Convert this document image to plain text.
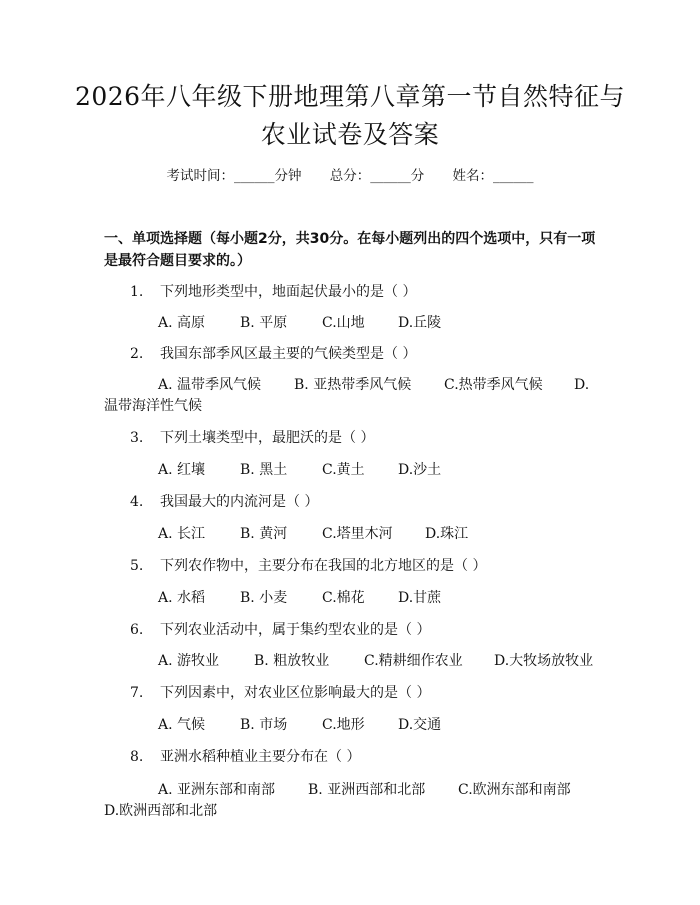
2026年八年级下册地理第八章第一节自然特征与农业试卷及答案
考试时间：______分钟 总分：______分 姓名：______
一、单项选择题（每小题2分，共30分。在每小题列出的四个选项中，只有一项是最符合题目要求的。）
1. 下列地形类型中，地面起伏最小的是（ ）
A. 高原 B. 平原 C.山地 D.丘陵
2. 我国东部季风区最主要的气候类型是（ ）
A. 温带季风气候 B. 亚热带季风气候 C.热带季风气候 D.
温带海洋性气候
3. 下列土壤类型中，最肥沃的是（ ）
A. 红壤 B. 黑土 C.黄土 D.沙土
4. 我国最大的内流河是（ ）
A. 长江 B. 黄河 C.塔里木河 D.珠江
5. 下列农作物中，主要分布在我国的北方地区的是（ ）
A. 水稻 B. 小麦 C.棉花 D.甘蔗
6. 下列农业活动中，属于集约型农业的是（ ）
A. 游牧业 B. 粗放牧业 C.精耕细作农业 D.大牧场放牧业
7. 下列因素中，对农业区位影响最大的是（ ）
A. 气候 B. 市场 C.地形 D.交通
8. 亚洲水稻种植业主要分布在（ ）
A. 亚洲东部和南部 B. 亚洲西部和北部 C.欧洲东部和南部
D.欧洲西部和北部
